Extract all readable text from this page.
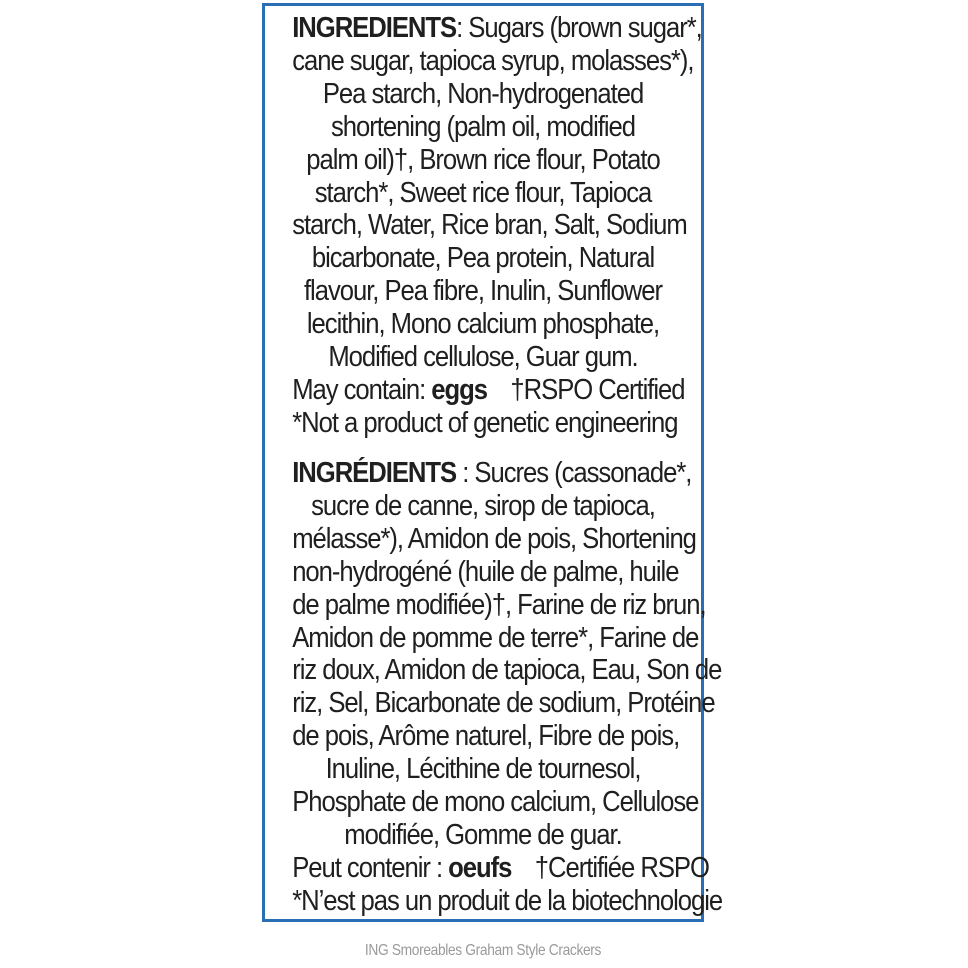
INGREDIENTS: Sugars (brown sugar*,
cane sugar, tapioca syrup, molasses*),
Pea starch, Non-hydrogenated
shortening (palm oil, modified
palm oil)†, Brown rice flour, Potato
starch*, Sweet rice flour, Tapioca
starch, Water, Rice bran, Salt, Sodium
bicarbonate, Pea protein, Natural
flavour, Pea fibre, Inulin, Sunflower
lecithin, Mono calcium phosphate,
Modified cellulose, Guar gum.
May contain: eggs †RSPO Certified
*Not a product of genetic engineering
INGRÉDIENTS : Sucres (cassonade*,
sucre de canne, sirop de tapioca,
mélasse*), Amidon de pois, Shortening
non-hydrogéné (huile de palme, huile
de palme modifiée)†, Farine de riz brun,
Amidon de pomme de terre*, Farine de
riz doux, Amidon de tapioca, Eau, Son de
riz, Sel, Bicarbonate de sodium, Protéine
de pois, Arôme naturel, Fibre de pois,
Inuline, Lécithine de tournesol,
Phosphate de mono calcium, Cellulose
modifiée, Gomme de guar.
Peut contenir : oeufs †Certifiée RSPO
*N’est pas un produit de la biotechnologie
ING Smoreables Graham Style Crackers
